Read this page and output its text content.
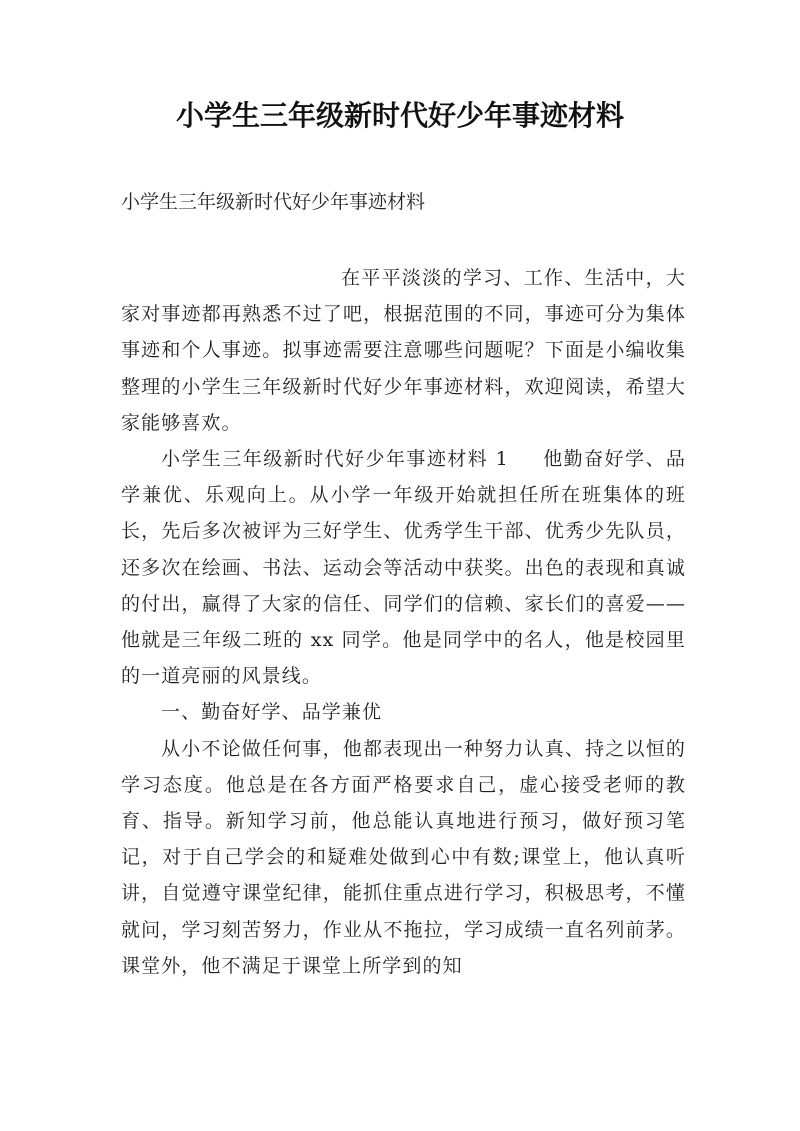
小学生三年级新时代好少年事迹材料
小学生三年级新时代好少年事迹材料

在平平淡淡的学习、工作、生活中，大家对事迹都再熟悉不过了吧，根据范围的不同，事迹可分为集体事迹和个人事迹。拟事迹需要注意哪些问题呢？下面是小编收集整理的小学生三年级新时代好少年事迹材料，欢迎阅读，希望大家能够喜欢。

小学生三年级新时代好少年事迹材料 1 他勤奋好学、品学兼优、乐观向上。从小学一年级开始就担任所在班集体的班长，先后多次被评为三好学生、优秀学生干部、优秀少先队员，还多次在绘画、书法、运动会等活动中获奖。出色的表现和真诚的付出，赢得了大家的信任、同学们的信赖、家长们的喜爱——他就是三年级二班的 xx 同学。他是同学中的名人，他是校园里的一道亮丽的风景线。

一、勤奋好学、品学兼优

从小不论做任何事，他都表现出一种努力认真、持之以恒的学习态度。他总是在各方面严格要求自己，虚心接受老师的教育、指导。新知学习前，他总能认真地进行预习，做好预习笔记，对于自己学会的和疑难处做到心中有数;课堂上，他认真听讲，自觉遵守课堂纪律，能抓住重点进行学习，积极思考，不懂就问，学习刻苦努力，作业从不拖拉，学习成绩一直名列前茅。课堂外，他不满足于课堂上所学到的知
